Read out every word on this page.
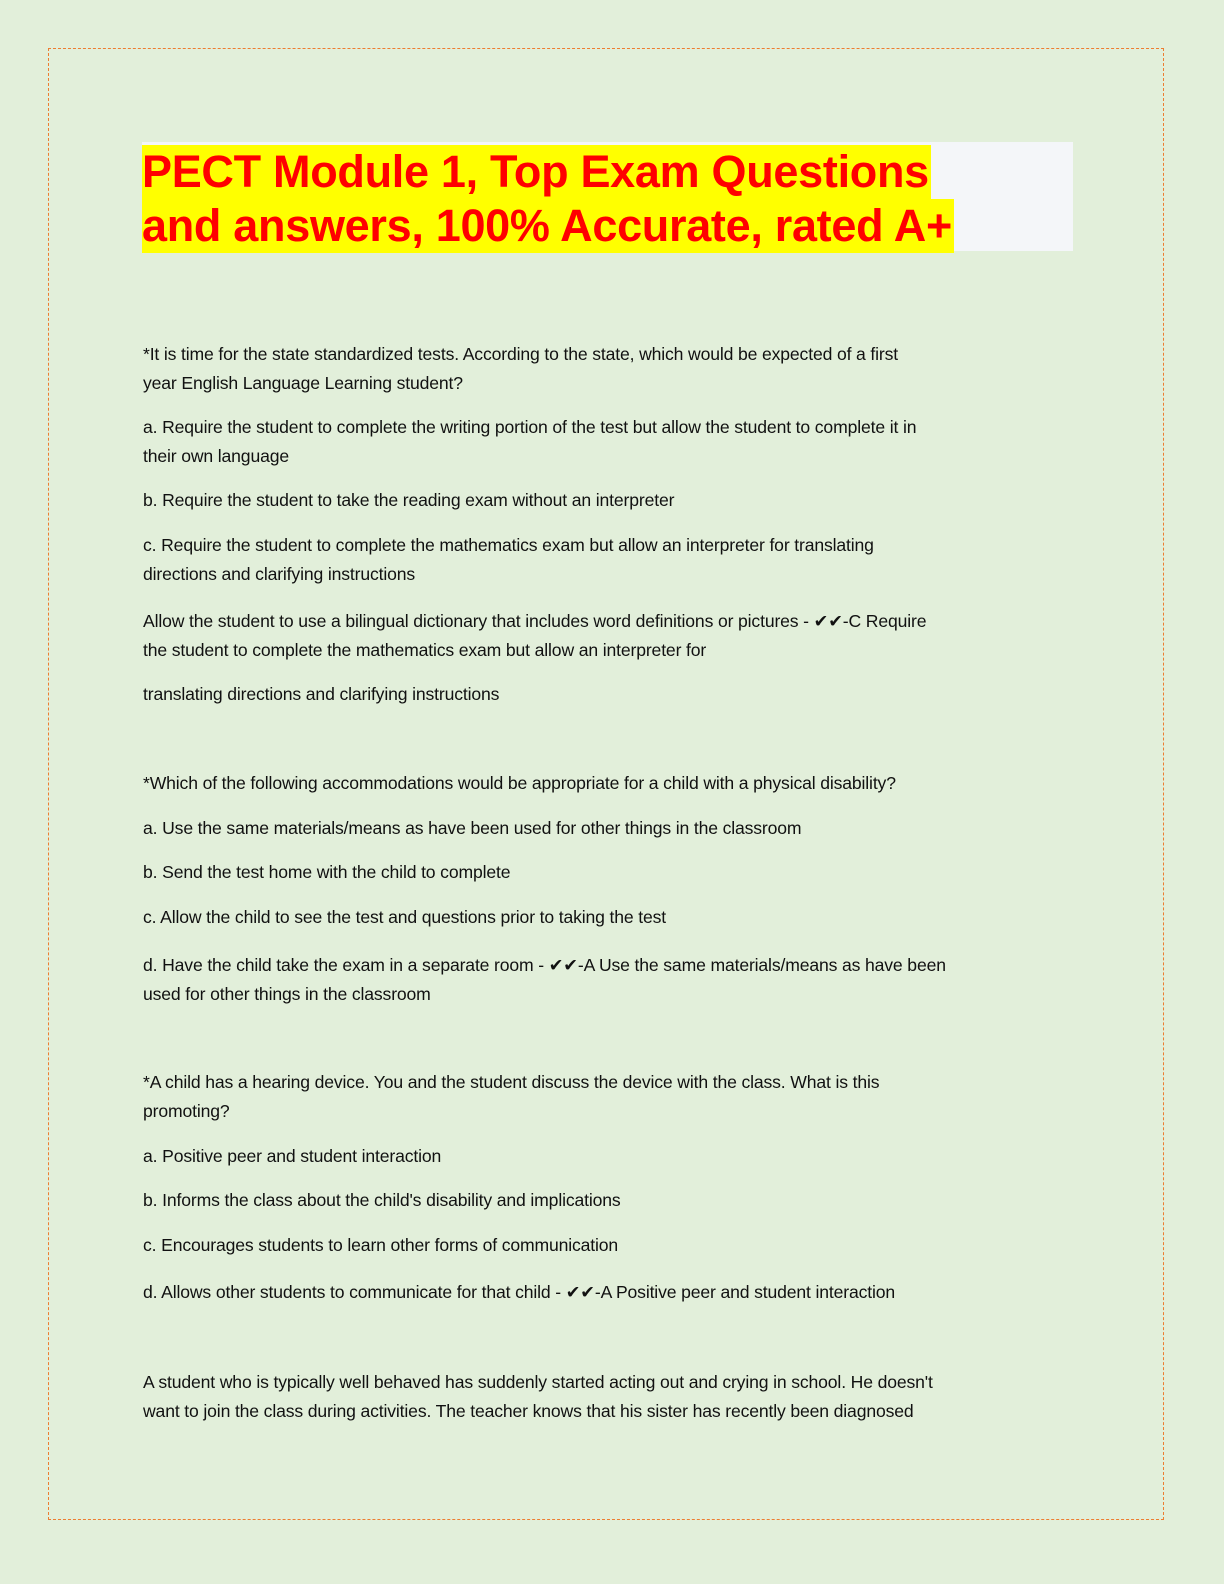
PECT Module 1, Top Exam Questions
and answers, 100% Accurate, rated A+
*It is time for the state standardized tests. According to the state, which would be expected of a first
year English Language Learning student?
a. Require the student to complete the writing portion of the test but allow the student to complete it in
their own language
b. Require the student to take the reading exam without an interpreter
c. Require the student to complete the mathematics exam but allow an interpreter for translating
directions and clarifying instructions
Allow the student to use a bilingual dictionary that includes word definitions or pictures - ✔✔-C Require
the student to complete the mathematics exam but allow an interpreter for
translating directions and clarifying instructions
*Which of the following accommodations would be appropriate for a child with a physical disability?
a. Use the same materials/means as have been used for other things in the classroom
b. Send the test home with the child to complete
c. Allow the child to see the test and questions prior to taking the test
d. Have the child take the exam in a separate room - ✔✔-A Use the same materials/means as have been
used for other things in the classroom
*A child has a hearing device. You and the student discuss the device with the class. What is this
promoting?
a. Positive peer and student interaction
b. Informs the class about the child's disability and implications
c. Encourages students to learn other forms of communication
d. Allows other students to communicate for that child - ✔✔-A Positive peer and student interaction
A student who is typically well behaved has suddenly started acting out and crying in school. He doesn't
want to join the class during activities. The teacher knows that his sister has recently been diagnosed
